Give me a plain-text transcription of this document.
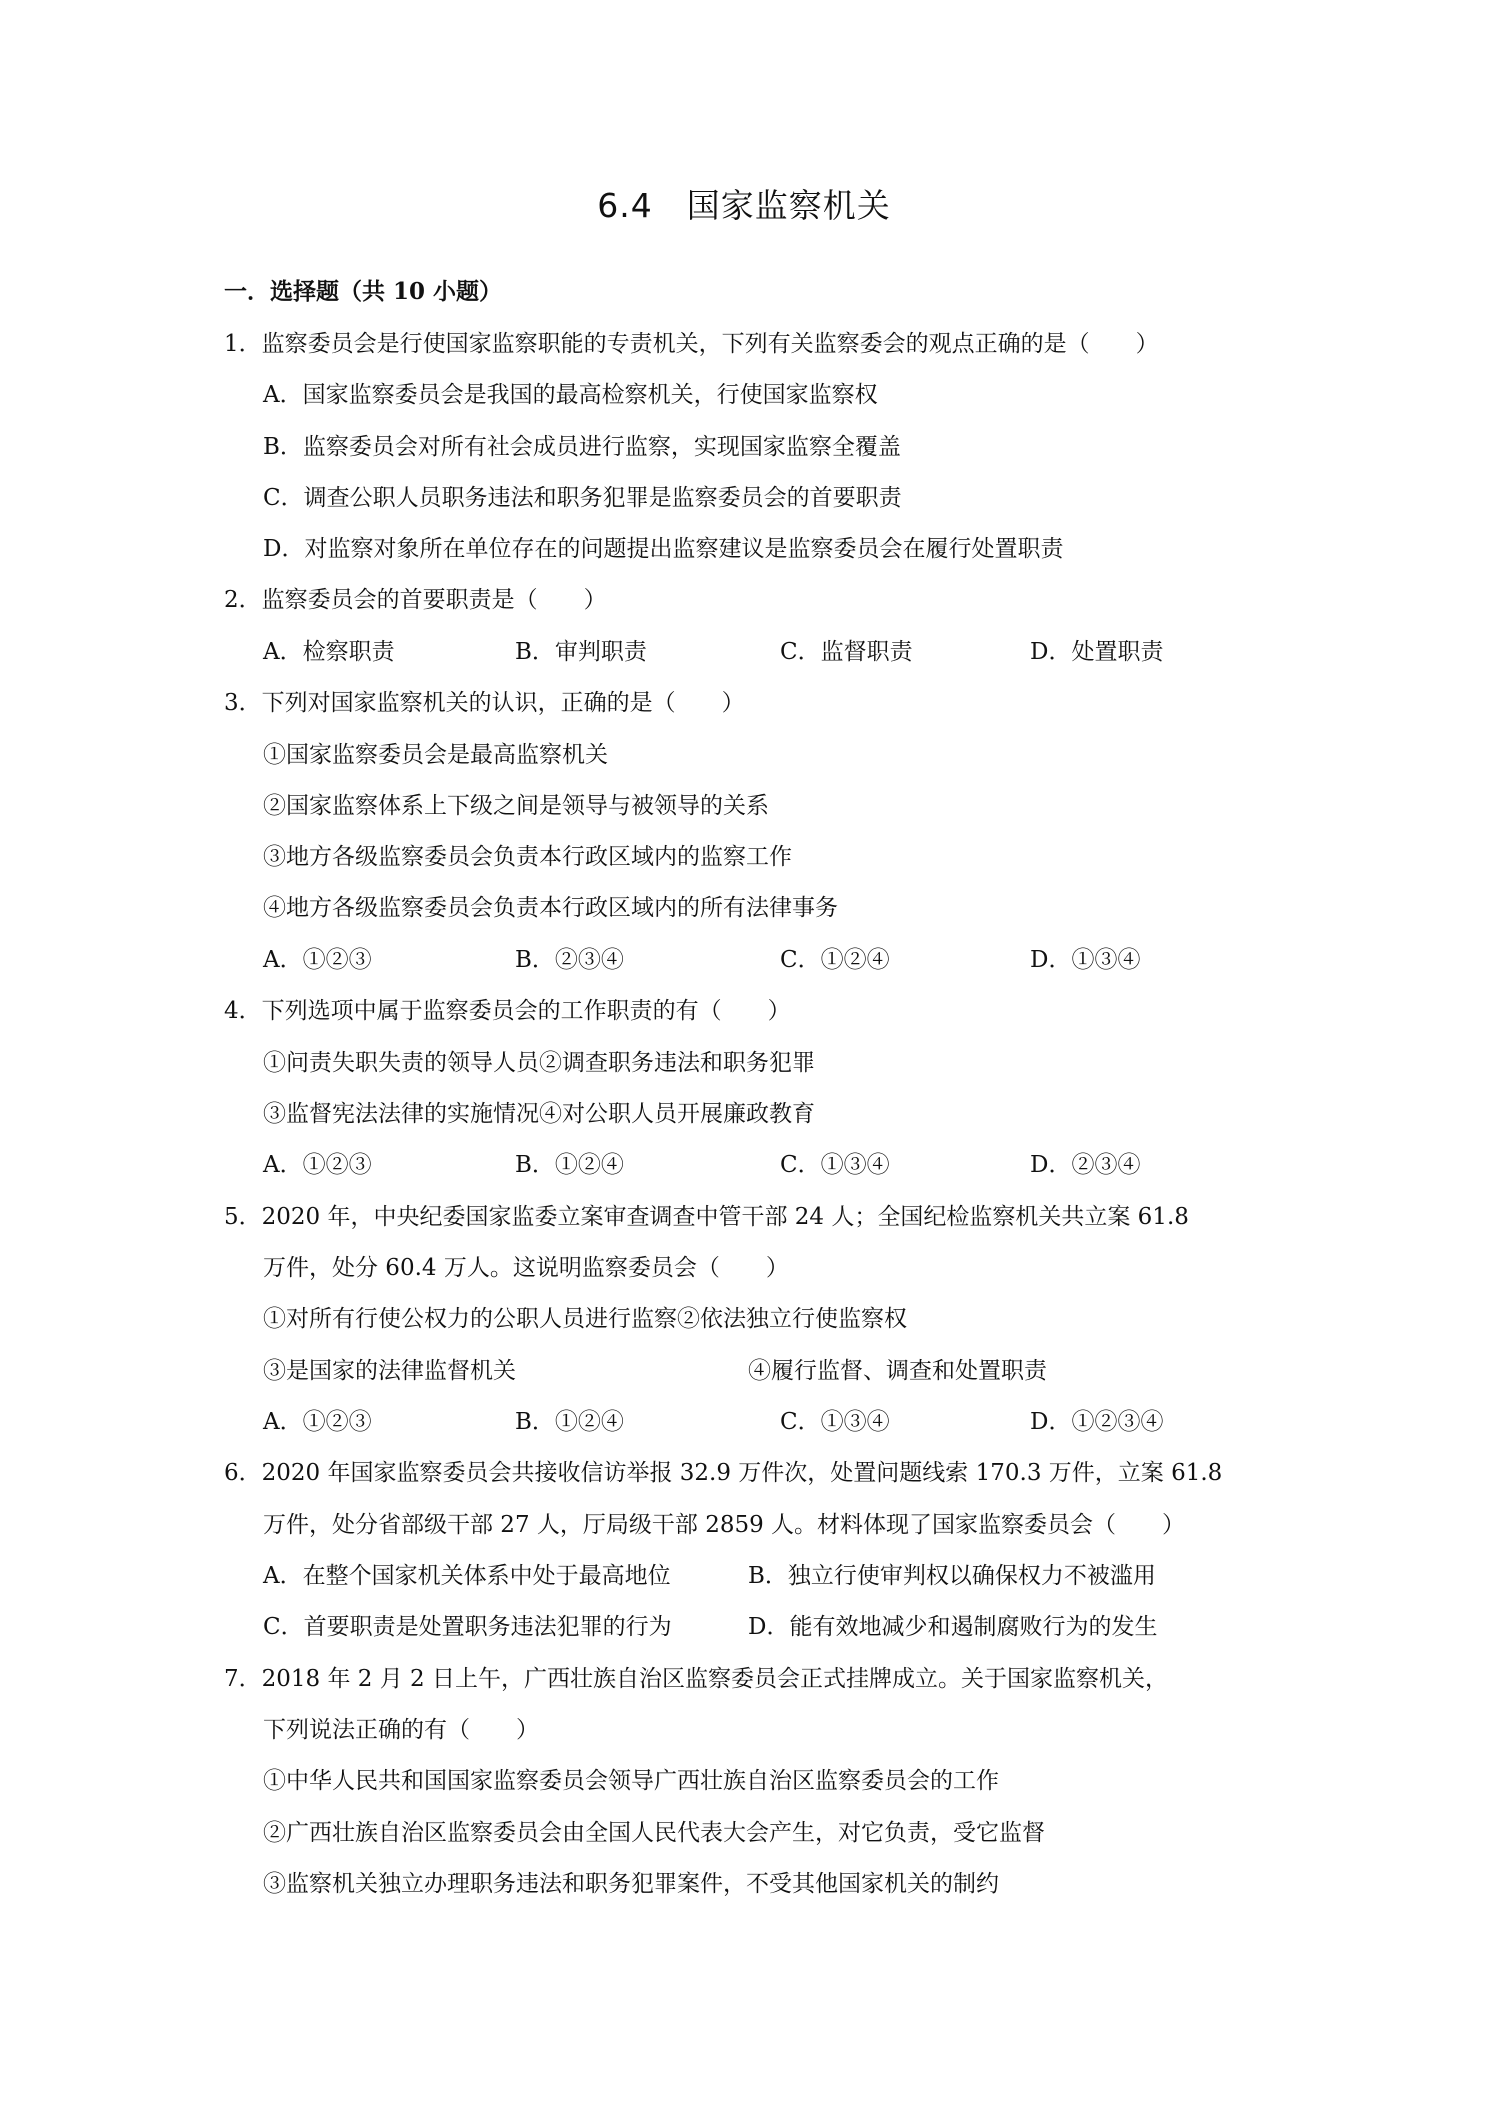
6.4　国家监察机关
一．选择题（共 10 小题）
1．监察委员会是行使国家监察职能的专责机关，下列有关监察委会的观点正确的是（　　）
A．国家监察委员会是我国的最高检察机关，行使国家监察权
B．监察委员会对所有社会成员进行监察，实现国家监察全覆盖
C．调查公职人员职务违法和职务犯罪是监察委员会的首要职责
D．对监察对象所在单位存在的问题提出监察建议是监察委员会在履行处置职责
2．监察委员会的首要职责是（　　）
A．检察职责	B．审判职责	C．监督职责	D．处置职责
3．下列对国家监察机关的认识，正确的是（　　）
①国家监察委员会是最高监察机关
②国家监察体系上下级之间是领导与被领导的关系
③地方各级监察委员会负责本行政区域内的监察工作
④地方各级监察委员会负责本行政区域内的所有法律事务
A．①②③	B．②③④	C．①②④	D．①③④
4．下列选项中属于监察委员会的工作职责的有（　　）
①问责失职失责的领导人员②调查职务违法和职务犯罪
③监督宪法法律的实施情况④对公职人员开展廉政教育
A．①②③	B．①②④	C．①③④	D．②③④
5．2020 年，中央纪委国家监委立案审查调查中管干部 24 人；全国纪检监察机关共立案 61.8
万件，处分 60.4 万人。这说明监察委员会（　　）
①对所有行使公权力的公职人员进行监察②依法独立行使监察权
③是国家的法律监督机关	④履行监督、调查和处置职责
A．①②③	B．①②④	C．①③④	D．①②③④
6．2020 年国家监察委员会共接收信访举报 32.9 万件次，处置问题线索 170.3 万件，立案 61.8
万件，处分省部级干部 27 人，厅局级干部 2859 人。材料体现了国家监察委员会（　　）
A．在整个国家机关体系中处于最高地位	B．独立行使审判权以确保权力不被滥用
C．首要职责是处置职务违法犯罪的行为	D．能有效地减少和遏制腐败行为的发生
7．2018 年 2 月 2 日上午，广西壮族自治区监察委员会正式挂牌成立。关于国家监察机关，
下列说法正确的有（　　）
①中华人民共和国国家监察委员会领导广西壮族自治区监察委员会的工作
②广西壮族自治区监察委员会由全国人民代表大会产生，对它负责，受它监督
③监察机关独立办理职务违法和职务犯罪案件，不受其他国家机关的制约
